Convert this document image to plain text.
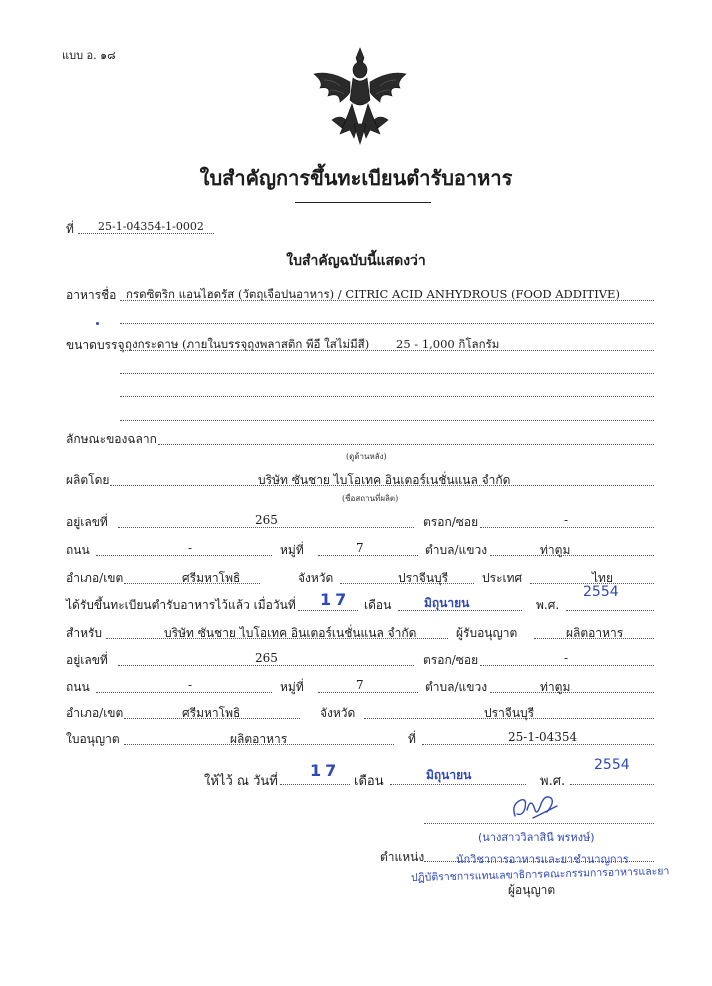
แบบ อ. ๑๘
ใบสำคัญการขึ้นทะเบียนตำรับอาหาร
ที่ 25-1-04354-1-0002
ใบสำคัญฉบับนี้แสดงว่า
อาหารชื่อ กรดซิตริก แอนไฮดรัส (วัตถุเจือปนอาหาร) / CITRIC ACID ANHYDROUS (FOOD ADDITIVE)
ขนาดบรรจุ ถุงกระดาษ (ภายในบรรจุถุงพลาสติก พีอี ใสไม่มีสี) 25 - 1,000 กิโลกรัม
ลักษณะของฉลาก
(ดูด้านหลัง)
ผลิตโดย	บริษัท ซันชาย ไบโอเทค อินเตอร์เนชั่นแนล จำกัด
(ชื่อสถานที่ผลิต)
อยู่เลขที่	265	ตรอก/ซอย	-
ถนน	-	หมู่ที่	7	ตำบล/แขวง	ท่าตูม
อำเภอ/เขต	ศรีมหาโพธิ	จังหวัด	ปราจีนบุรี	ประเทศ	ไทย
ได้รับขึ้นทะเบียนตำรับอาหารไว้แล้ว เมื่อวันที่ 17 เดือน	มิถุนายน	พ.ศ.
2554
สำหรับ	บริษัท ซันชาย ไบโอเทค อินเตอร์เนชั่นแนล จำกัด	ผู้รับอนุญาต	ผลิตอาหาร
อยู่เลขที่	265	ตรอก/ซอย	-
ถนน	-	หมู่ที่	7	ตำบล/แขวง	ท่าตูม
อำเภอ/เขต	ศรีมหาโพธิ	จังหวัด	ปราจีนบุรี
ใบอนุญาต	ผลิตอาหาร	ที่	25-1-04354
ให้ไว้ ณ วันที่
17
เดือน	มิถุนายน	พ.ศ.
2554
(นางสาววิลาสินี พรหงษ์)
ตำแหน่ง	นักวิชาการอาหารและยาชำนาญการ
ปฏิบัติราชการแทนเลขาธิการคณะกรรมการอาหารและยา
ผู้อนุญาต
